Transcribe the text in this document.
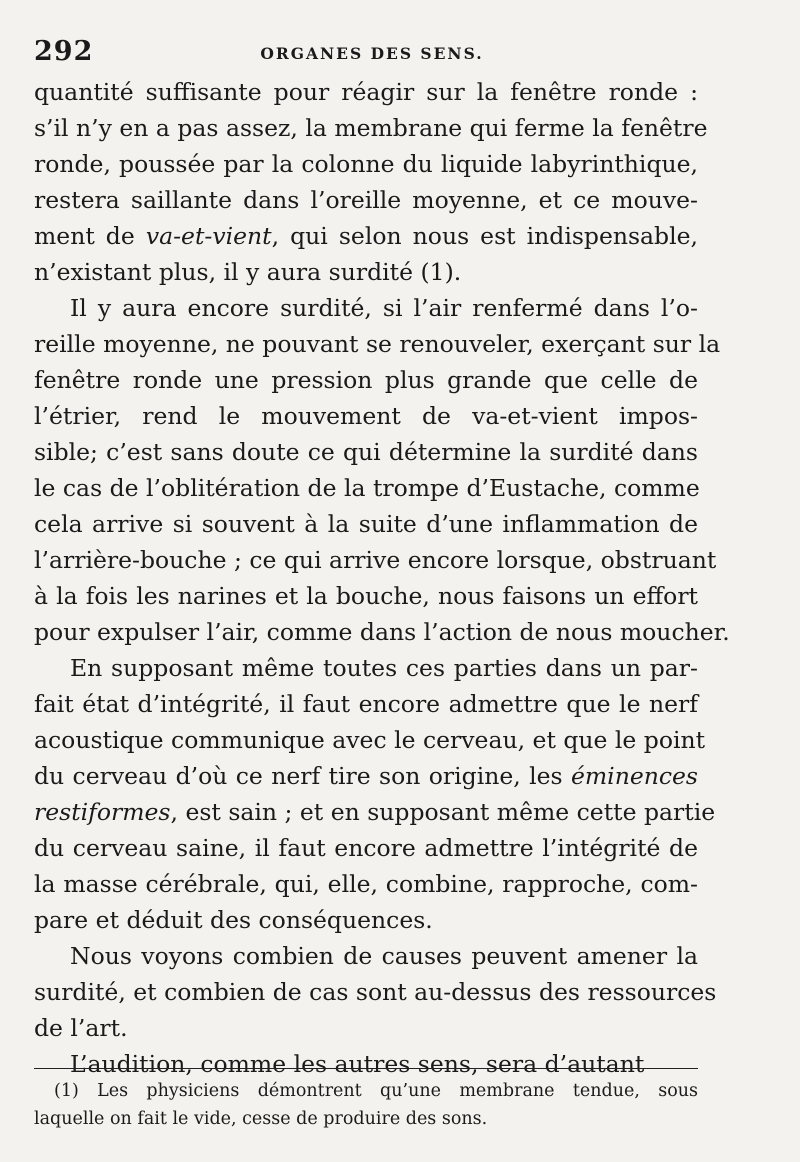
292	ORGANES DES SENS.
quantité suffisante pour réagir sur la fenêtre ronde :
s’il n’y en a pas assez, la membrane qui ferme la fenêtre
ronde, poussée par la colonne du liquide labyrinthique,
restera saillante dans l’oreille moyenne, et ce mouve-
ment de va-et-vient, qui selon nous est indispensable,
n’existant plus, il y aura surdité (1).
Il y aura encore surdité, si l’air renfermé dans l’o-
reille moyenne, ne pouvant se renouveler, exerçant sur la
fenêtre ronde une pression plus grande que celle de
l’étrier, rend le mouvement de va-et-vient impos-
sible; c’est sans doute ce qui détermine la surdité dans
le cas de l’oblitération de la trompe d’Eustache, comme
cela arrive si souvent à la suite d’une inflammation de
l’arrière-bouche ; ce qui arrive encore lorsque, obstruant
à la fois les narines et la bouche, nous faisons un effort
pour expulser l’air, comme dans l’action de nous moucher.
En supposant même toutes ces parties dans un par-
fait état d’intégrité, il faut encore admettre que le nerf
acoustique communique avec le cerveau, et que le point
du cerveau d’où ce nerf tire son origine, les éminences
restiformes, est sain ; et en supposant même cette partie
du cerveau saine, il faut encore admettre l’intégrité de
la masse cérébrale, qui, elle, combine, rapproche, com-
pare et déduit des conséquences.
Nous voyons combien de causes peuvent amener la
surdité, et combien de cas sont au-dessus des ressources
de l’art.
L’audition, comme les autres sens, sera d’autant
(1) Les physiciens démontrent qu’une membrane tendue, sous
laquelle on fait le vide, cesse de produire des sons.
